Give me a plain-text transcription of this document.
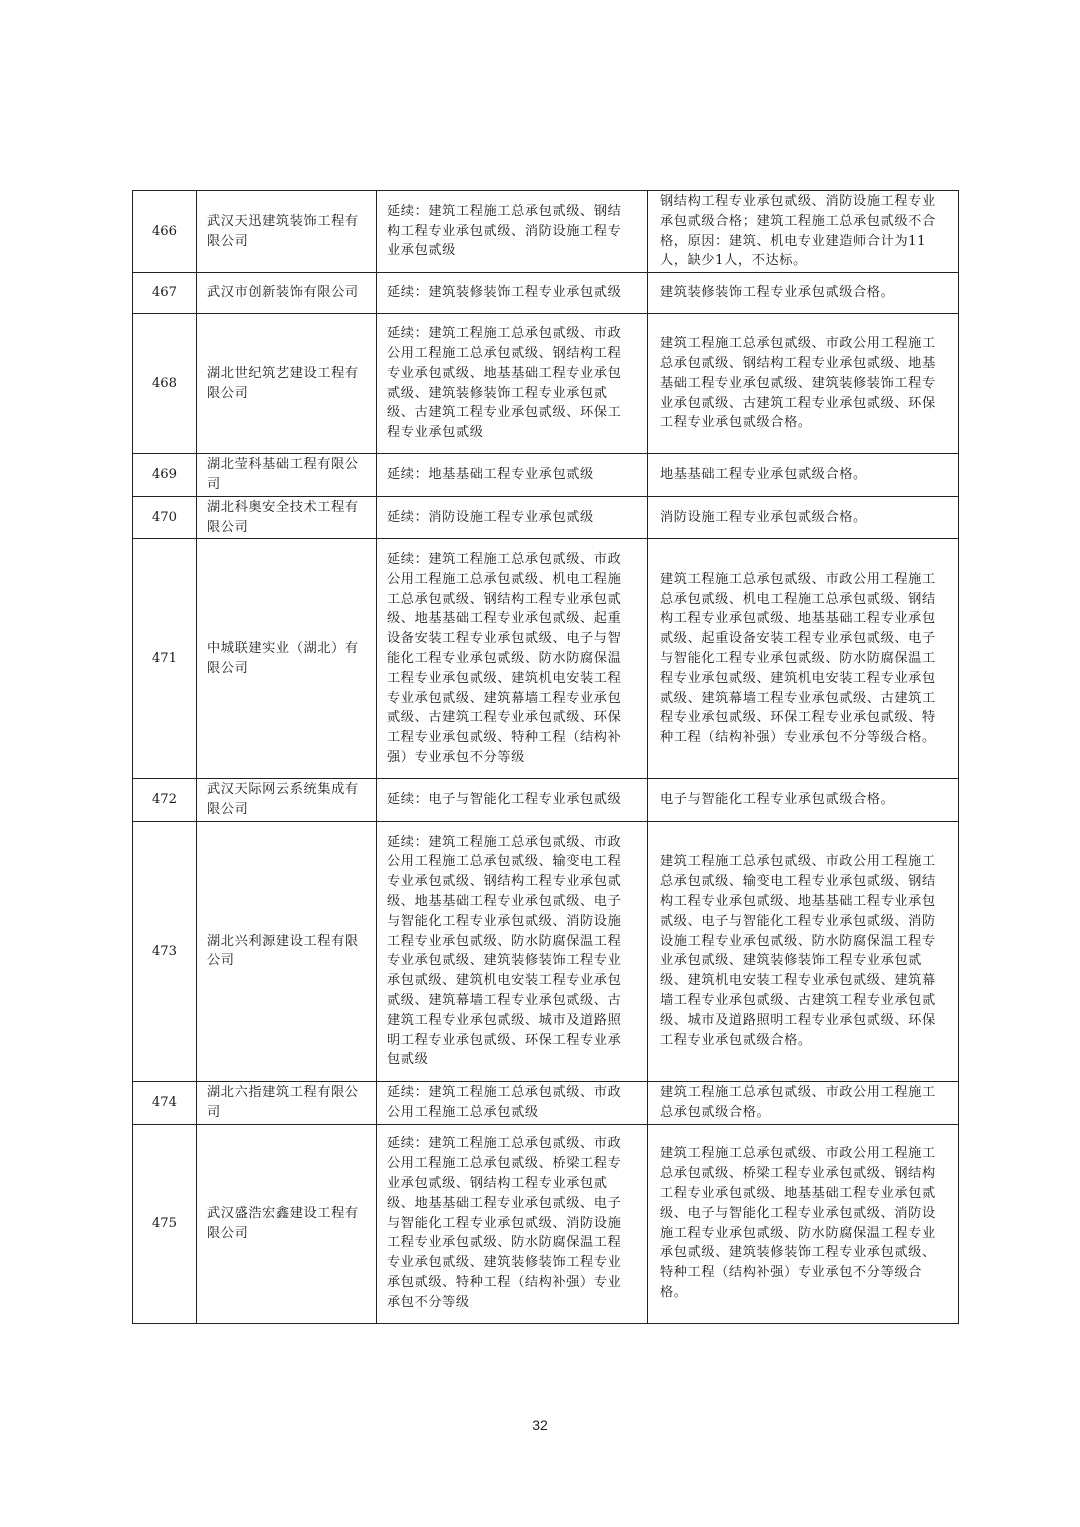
466	武汉天迅建筑装饰工程有限公司	延续：建筑工程施工总承包贰级、钢结构工程专业承包贰级、消防设施工程专业承包贰级	钢结构工程专业承包贰级、消防设施工程专业承包贰级合格；建筑工程施工总承包贰级不合格，原因：建筑、机电专业建造师合计为11人，缺少1人，不达标。
467	武汉市创新装饰有限公司	延续：建筑装修装饰工程专业承包贰级	建筑装修装饰工程专业承包贰级合格。
468	湖北世纪筑艺建设工程有限公司	延续：建筑工程施工总承包贰级、市政公用工程施工总承包贰级、钢结构工程专业承包贰级、地基基础工程专业承包贰级、建筑装修装饰工程专业承包贰级、古建筑工程专业承包贰级、环保工程专业承包贰级	建筑工程施工总承包贰级、市政公用工程施工总承包贰级、钢结构工程专业承包贰级、地基基础工程专业承包贰级、建筑装修装饰工程专业承包贰级、古建筑工程专业承包贰级、环保工程专业承包贰级合格。
469	湖北莹科基础工程有限公司	延续：地基基础工程专业承包贰级	地基基础工程专业承包贰级合格。
470	湖北科奥安全技术工程有限公司	延续：消防设施工程专业承包贰级	消防设施工程专业承包贰级合格。
471	中城联建实业（湖北）有限公司	延续：建筑工程施工总承包贰级、市政公用工程施工总承包贰级、机电工程施工总承包贰级、钢结构工程专业承包贰级、地基基础工程专业承包贰级、起重设备安装工程专业承包贰级、电子与智能化工程专业承包贰级、防水防腐保温工程专业承包贰级、建筑机电安装工程专业承包贰级、建筑幕墙工程专业承包贰级、古建筑工程专业承包贰级、环保工程专业承包贰级、特种工程（结构补强）专业承包不分等级	建筑工程施工总承包贰级、市政公用工程施工总承包贰级、机电工程施工总承包贰级、钢结构工程专业承包贰级、地基基础工程专业承包贰级、起重设备安装工程专业承包贰级、电子与智能化工程专业承包贰级、防水防腐保温工程专业承包贰级、建筑机电安装工程专业承包贰级、建筑幕墙工程专业承包贰级、古建筑工程专业承包贰级、环保工程专业承包贰级、特种工程（结构补强）专业承包不分等级合格。
472	武汉天际网云系统集成有限公司	延续：电子与智能化工程专业承包贰级	电子与智能化工程专业承包贰级合格。
473	湖北兴利源建设工程有限公司	延续：建筑工程施工总承包贰级、市政公用工程施工总承包贰级、输变电工程专业承包贰级、钢结构工程专业承包贰级、地基基础工程专业承包贰级、电子与智能化工程专业承包贰级、消防设施工程专业承包贰级、防水防腐保温工程专业承包贰级、建筑装修装饰工程专业承包贰级、建筑机电安装工程专业承包贰级、建筑幕墙工程专业承包贰级、古建筑工程专业承包贰级、城市及道路照明工程专业承包贰级、环保工程专业承包贰级	建筑工程施工总承包贰级、市政公用工程施工总承包贰级、输变电工程专业承包贰级、钢结构工程专业承包贰级、地基基础工程专业承包贰级、电子与智能化工程专业承包贰级、消防设施工程专业承包贰级、防水防腐保温工程专业承包贰级、建筑装修装饰工程专业承包贰级、建筑机电安装工程专业承包贰级、建筑幕墙工程专业承包贰级、古建筑工程专业承包贰级、城市及道路照明工程专业承包贰级、环保工程专业承包贰级合格。
474	湖北六指建筑工程有限公司	延续：建筑工程施工总承包贰级、市政公用工程施工总承包贰级	建筑工程施工总承包贰级、市政公用工程施工总承包贰级合格。
475	武汉盛浩宏鑫建设工程有限公司	延续：建筑工程施工总承包贰级、市政公用工程施工总承包贰级、桥梁工程专业承包贰级、钢结构工程专业承包贰级、地基基础工程专业承包贰级、电子与智能化工程专业承包贰级、消防设施工程专业承包贰级、防水防腐保温工程专业承包贰级、建筑装修装饰工程专业承包贰级、特种工程（结构补强）专业承包不分等级	建筑工程施工总承包贰级、市政公用工程施工总承包贰级、桥梁工程专业承包贰级、钢结构工程专业承包贰级、地基基础工程专业承包贰级、电子与智能化工程专业承包贰级、消防设施工程专业承包贰级、防水防腐保温工程专业承包贰级、建筑装修装饰工程专业承包贰级、特种工程（结构补强）专业承包不分等级合格。
32
